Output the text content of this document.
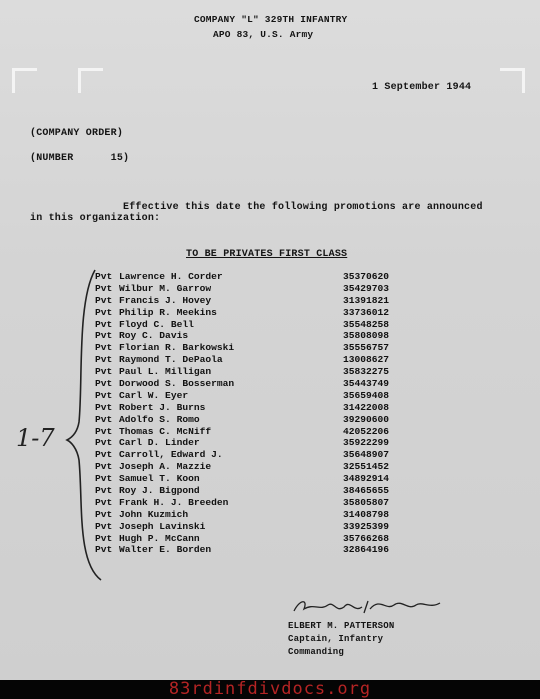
COMPANY "L" 329TH INFANTRY
APO 83, U.S. Army
1 September 1944
(COMPANY ORDER)
(NUMBER      15)
Effective this date the following promotions are announced
in this organization:
TO BE PRIVATES FIRST CLASS
1-7
Pvt Lawrence H. Corder	35370620
Pvt Wilbur M. Garrow	35429703
Pvt Francis J. Hovey	31391821
Pvt Philip R. Meekins	33736012
Pvt Floyd C. Bell	35548258
Pvt Roy C. Davis	35808098
Pvt Florian R. Barkowski	35556757
Pvt Raymond T. DePaola	13008627
Pvt Paul L. Milligan	35832275
Pvt Dorwood S. Bosserman	35443749
Pvt Carl W. Eyer	35659408
Pvt Robert J. Burns	31422008
Pvt Adolfo S. Romo	39290600
Pvt Thomas C. McNiff	42052206
Pvt Carl D. Linder	35922299
Pvt Carroll, Edward J.	35648907
Pvt Joseph A. Mazzie	32551452
Pvt Samuel T. Koon	34892914
Pvt Roy J. Bigpond	38465655
Pvt Frank H. J. Breeden	35805807
Pvt John Kuzmich	31408798
Pvt Joseph Lavinski	33925399
Pvt Hugh P. McCann	35766268
Pvt Walter E. Borden	32864196
ELBERT M. PATTERSON
Captain, Infantry
Commanding
83rdinfdivdocs.org
